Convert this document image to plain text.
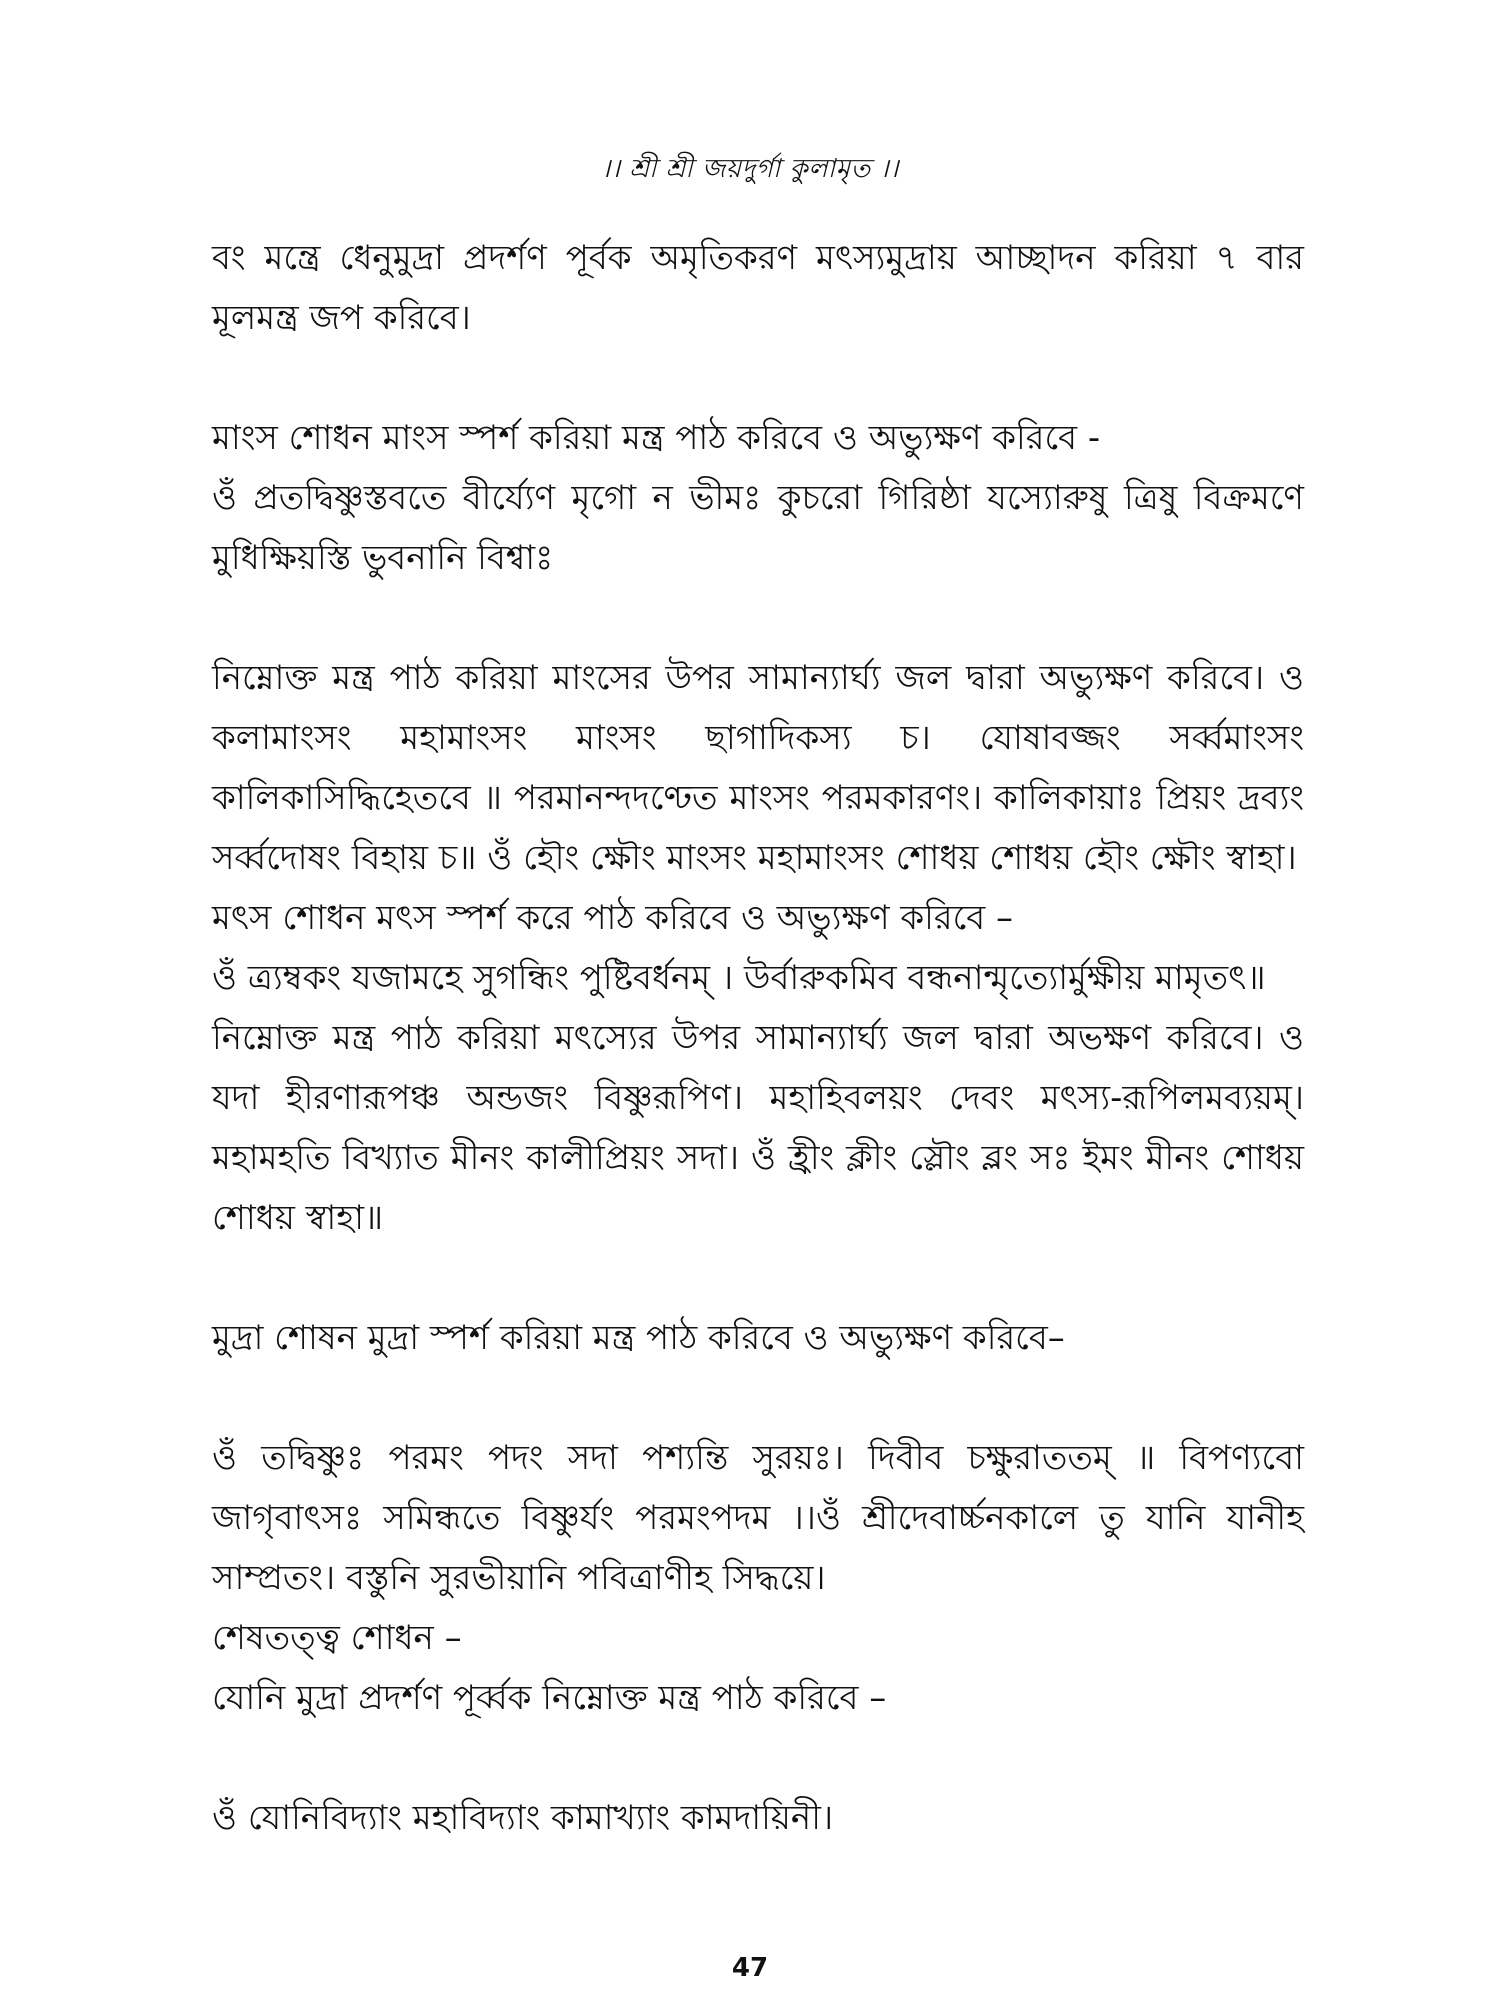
।। শ্রী শ্রী জয়দুর্গা কুলামৃত ।।

বং মন্ত্রে ধেনুমুদ্রা প্রদর্শণ পূর্বক অমৃতিকরণ মৎস্যমুদ্রায় আচ্ছাদন করিয়া ৭ বার মূলমন্ত্র জপ করিবে।

মাংস শোধন মাংস স্পর্শ করিয়া মন্ত্র পাঠ করিবে ও অভ্যুক্ষণ করিবে -

ওঁ প্রতদ্বিষ্ণুস্তবতে বীর্য্যেণ মৃগো ন ভীমঃ কুচরো গিরিষ্ঠা যস্যোরুষু ত্রিষু বিক্রমণে মুধিক্ষিয়স্তি ভুবনানি বিশ্বাঃ

নিম্নোক্ত মন্ত্র পাঠ করিয়া মাংসের উপর সামান্যার্ঘ্য জল দ্বারা অভ্যুক্ষণ করিবে। ও কলামাংসং মহামাংসং মাংসং ছাগাদিকস্য চ। যোষাবজ্জং সর্ব্বমাংসং কালিকাসিদ্ধিহেতবে ॥ পরমানন্দদণ্ঢেত মাংসং পরমকারণং। কালিকায়াঃ প্রিয়ং দ্রব্যং সর্ব্বদোষং বিহায় চ॥ ওঁ হৌং ক্ষৌং মাংসং মহামাংসং শোধয় শোধয় হৌং ক্ষৌং স্বাহা।

মৎস শোধন মৎস স্পর্শ করে পাঠ করিবে ও অভ্যুক্ষণ করিবে –

ওঁ ত্র্যম্বকং যজামহে সুগন্ধিং পুষ্টিবর্ধনম্ । উর্বারুকমিব বন্ধনান্মৃত্যোর্মুক্ষীয় মামৃতৎ॥

নিম্নোক্ত মন্ত্র পাঠ করিয়া মৎস্যের উপর সামান্যার্ঘ্য জল দ্বারা অভক্ষণ করিবে। ও যদা হীরণারূপঞ্চ অন্ডজং বিষ্ণুরূপিণ। মহাহিবলয়ং দেবং মৎস্য-রূপিলমব্যয়ম্। মহামহতি বিখ্যাত মীনং কালীপ্রিয়ং সদা। ওঁ হ্রীং ক্লীং স্লৌং ব্লং সঃ ইমং মীনং শোধয় শোধয় স্বাহা॥

মুদ্রা শোষন মুদ্রা স্পর্শ করিয়া মন্ত্র পাঠ করিবে ও অভ্যুক্ষণ করিবে–

ওঁ তদ্বিষ্ণুঃ পরমং পদং সদা পশ্যন্তি সুরয়ঃ। দিবীব চক্ষুরাততম্ ॥ বিপণ্যবো জাগৃবাৎসঃ সমিন্ধতে বিষ্ণুর্যং পরমংপদম ।।ওঁ শ্রীদেবার্চ্চনকালে তু যানি যানীহ সাম্প্রতং। বস্তুনি সুরভীয়ানি পবিত্রাণীহ সিদ্ধয়ে।

শেষতত্ত্ব শোধন –

যোনি মুদ্রা প্রদর্শণ পূর্ব্বক নিম্নোক্ত মন্ত্র পাঠ করিবে –

ওঁ যোনিবিদ্যাং মহাবিদ্যাং কামাখ্যাং কামদায়িনী।

47
